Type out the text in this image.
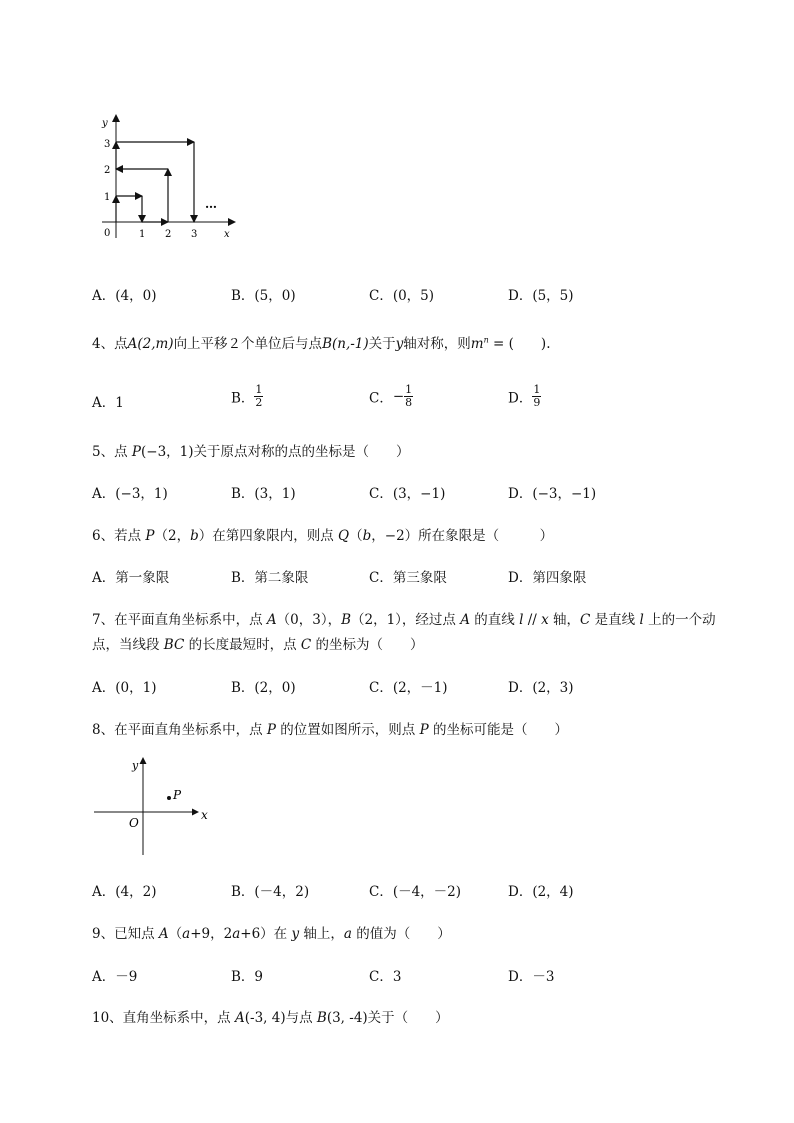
y
x
0
1
2
3
1 2 3
…
A．(4，0)	B．(5，0)	C．(0，5)	D．(5，5)
4、点A(2,m)向上平移２个单位后与点B(n,-1)关于y轴对称，则$m^n$ = (　　).
A．1	B． $\frac{1}{2}$	C．− $\frac{1}{8}$	D． $\frac{1}{9}$
5、点 P(−3，1)关于原点对称的点的坐标是（　　）
A．(−3，1)	B．(3，1)	C．(3，−1)	D．(−3，−1)
6、若点 P（2，b）在第四象限内，则点 Q（b，−2）所在象限是（　　　）
A．第一象限	B．第二象限	C．第三象限	D．第四象限
7、在平面直角坐标系中，点 A（0，3），B（2，1），经过点 A 的直线 l // x 轴，C 是直线 l 上的一个动
点，当线段 BC 的长度最短时，点 C 的坐标为（　　）
A．(0，1)	B．(2，0)	C．(2，－1)	D．(2，3)
8、在平面直角坐标系中，点 P 的位置如图所示，则点 P 的坐标可能是（　　）
P
y
x
O
A．(4，2)	B．(－4，2)	C．(－4，－2)	D．(2，4)
9、已知点 A（a+9，2a+6）在 y 轴上，a 的值为（　　）
A．－9	B．9	C．3	D．－3
10、直角坐标系中，点 A(-3, 4)与点 B(3, -4)关于（　　）
